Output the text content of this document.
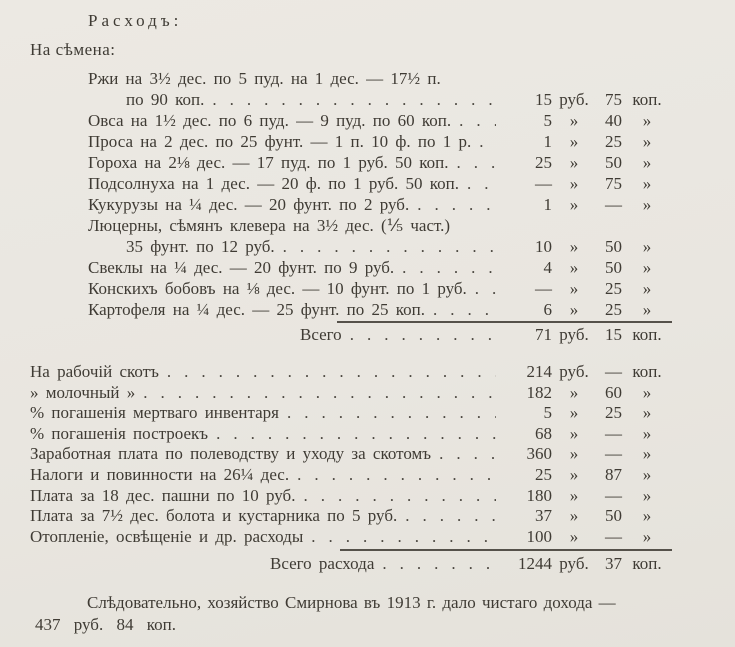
Расходъ:
На сѣмена:
Ржи на 3½ дес. по 5 пуд. на 1 дес. — 17½ п.
по 90 коп. .....	15 руб. 75 коп.
Овса на 1½ дес. по 6 пуд. — 9 пуд. по 60 коп. .....	5	»	40	»
Проса на 2 дес. по 25 фунт. — 1 п. 10 ф. по 1 р. .....	1	»	25	»
Гороха на 2⅛ дес. — 17 пуд. по 1 руб. 50 коп. .....	25	»	50	»
Подсолнуха на 1 дес. — 20 ф. по 1 руб. 50 коп. .....	—	»	75	»
Кукурузы на ¼ дес. — 20 фунт. по 2 руб. .....	1	»	—	»
Люцерны, сѣмянъ клевера на 3½ дес. (⅕ част.)
35 фунт. по 12 руб. .....	10	»	50	»
Свеклы на ¼ дес. — 20 фунт. по 9 руб. .....	4	»	50	»
Конскихъ бобовъ на ⅛ дес. — 10 фунт. по 1 руб. .....	—	»	25	»
Картофеля на ¼ дес. — 25 фунт. по 25 коп. .....	6	»	25	»
Всего .....	71 руб. 15 коп.
На рабочій скотъ .....	214 руб. — коп.
» молочный » .....	182	»	60	»
% погашенія мертваго инвентаря .....	5	»	25	»
% погашенія построекъ .....	68	»	—	»
Заработная плата по полеводству и уходу за скотомъ .....	360	»	—	»
Налоги и повинности на 26¼ дес. .....	25	»	87	»
Плата за 18 дес. пашни по 10 руб. .....	180	»	—	»
Плата за 7½ дес. болота и кустарника по 5 руб. .....	37	»	50	»
Отопленіе, освѣщеніе и др. расходы .....	100	»	—	»
Всего расхода .....	1244 руб. 37 коп.
Слѣдовательно, хозяйство Смирнова въ 1913 г. дало чистаго дохода —
437 руб. 84 коп.
